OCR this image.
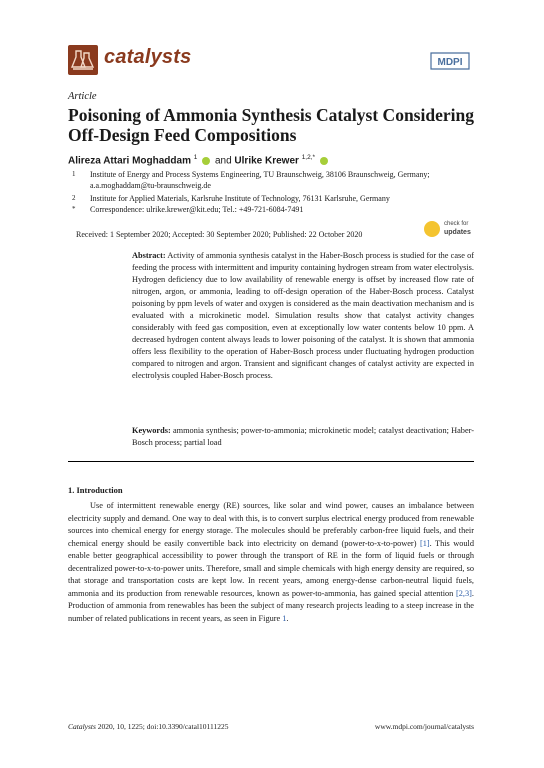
catalysts	MDPI
Article
Poisoning of Ammonia Synthesis Catalyst Considering Off-Design Feed Compositions
Alireza Attari Moghaddam $^1$ and Ulrike Krewer $^{1,2,*}$
1 Institute of Energy and Process Systems Engineering, TU Braunschweig, 38106 Braunschweig, Germany; a.a.moghaddam@tu-braunschweig.de
2 Institute for Applied Materials, Karlsruhe Institute of Technology, 76131 Karlsruhe, Germany
* Correspondence: ulrike.krewer@kit.edu; Tel.: +49-721-6084-7491
check for
updates
Received: 1 September 2020; Accepted: 30 September 2020; Published: 22 October 2020
Abstract: Activity of ammonia synthesis catalyst in the Haber-Bosch process is studied for the case of feeding the process with intermittent and impurity containing hydrogen stream from water electrolysis. Hydrogen deficiency due to low availability of renewable energy is offset by increased flow rate of nitrogen, argon, or ammonia, leading to off-design operation of the Haber-Bosch process. Catalyst poisoning by ppm levels of water and oxygen is considered as the main deactivation mechanism and is evaluated with a microkinetic model. Simulation results show that catalyst activity changes considerably with feed gas composition, even at exceptionally low water contents below 10 ppm. A decreased hydrogen content always leads to lower poisoning of the catalyst. It is shown that ammonia offers less flexibility to the operation of Haber-Bosch process under fluctuating hydrogen production compared to nitrogen and argon. Transient and significant changes of catalyst activity are expected in electrolysis coupled Haber-Bosch process.
Keywords: ammonia synthesis; power-to-ammonia; microkinetic model; catalyst deactivation; Haber-Bosch process; partial load
1. Introduction
Use of intermittent renewable energy (RE) sources, like solar and wind power, causes an imbalance between electricity supply and demand. One way to deal with this, is to convert surplus electrical energy produced from renewable sources into chemical energy for energy storage. The molecules should be preferably carbon-free liquid fuels, and their chemical energy should be easily convertible back into electricity on demand (power-to-x-to-power) [1]. This would enable better geographical accessibility to power through the transport of RE in the form of liquid fuels or through decentralized power-to-x-to-power units. Therefore, small and simple chemicals with high energy density are required, so that storage and transportation costs are kept low. In recent years, among energy-dense carbon-neutral liquid fuels, ammonia and its production from renewable resources, known as power-to-ammonia, has gained special attention [2,3]. Production of ammonia from renewables has been the subject of many research projects leading to a steep increase in the number of related publications in recent years, as seen in Figure 1.
Catalysts 2020, 10, 1225; doi:10.3390/catal10111225	www.mdpi.com/journal/catalysts
